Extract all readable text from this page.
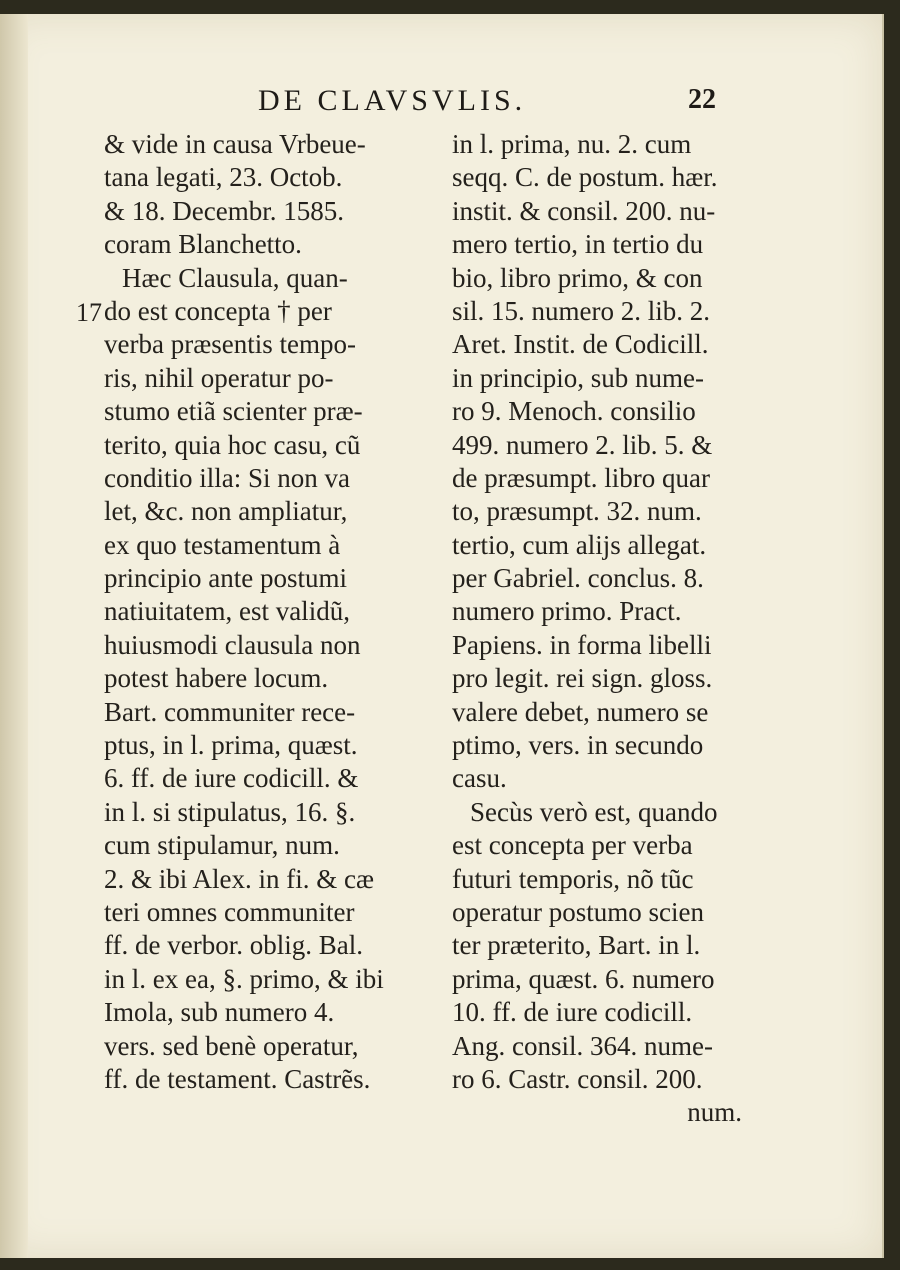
DE CLAVSVLIS.	22
17
& vide in causa Vrbeue-
tana legati, 23. Octob.
& 18. Decembr. 1585.
coram Blanchetto.
Hæc Clausula, quan-
do est concepta † per
verba præsentis tempo-
ris, nihil operatur po-
stumo etiã scienter præ-
terito, quia hoc casu, cũ
conditio illa: Si non va
let, &c. non ampliatur,
ex quo testamentum à
principio ante postumi
natiuitatem, est validũ,
huiusmodi clausula non
potest habere locum.
Bart. communiter rece-
ptus, in l. prima, quæst.
6. ff. de iure codicill. &
in l. si stipulatus, 16. §.
cum stipulamur, num.
2. & ibi Alex. in fi. & cæ
teri omnes communiter
ff. de verbor. oblig. Bal.
in l. ex ea, §. primo, & ibi
Imola, sub numero 4.
vers. sed benè operatur,
ff. de testament. Castrẽs.
in l. prima, nu. 2. cum
seqq. C. de postum. hær.
instit. & consil. 200. nu-
mero tertio, in tertio du
bio, libro primo, & con
sil. 15. numero 2. lib. 2.
Aret. Instit. de Codicill.
in principio, sub nume-
ro 9. Menoch. consilio
499. numero 2. lib. 5. &
de præsumpt. libro quar
to, præsumpt. 32. num.
tertio, cum alijs allegat.
per Gabriel. conclus. 8.
numero primo. Pract.
Papiens. in forma libelli
pro legit. rei sign. gloss.
valere debet, numero se
ptimo, vers. in secundo
casu.
Secùs verò est, quando
est concepta per verba
futuri temporis, nõ tũc
operatur postumo scien
ter præterito, Bart. in l.
prima, quæst. 6. numero
10. ff. de iure codicill.
Ang. consil. 364. nume-
ro 6. Castr. consil. 200.
num.
